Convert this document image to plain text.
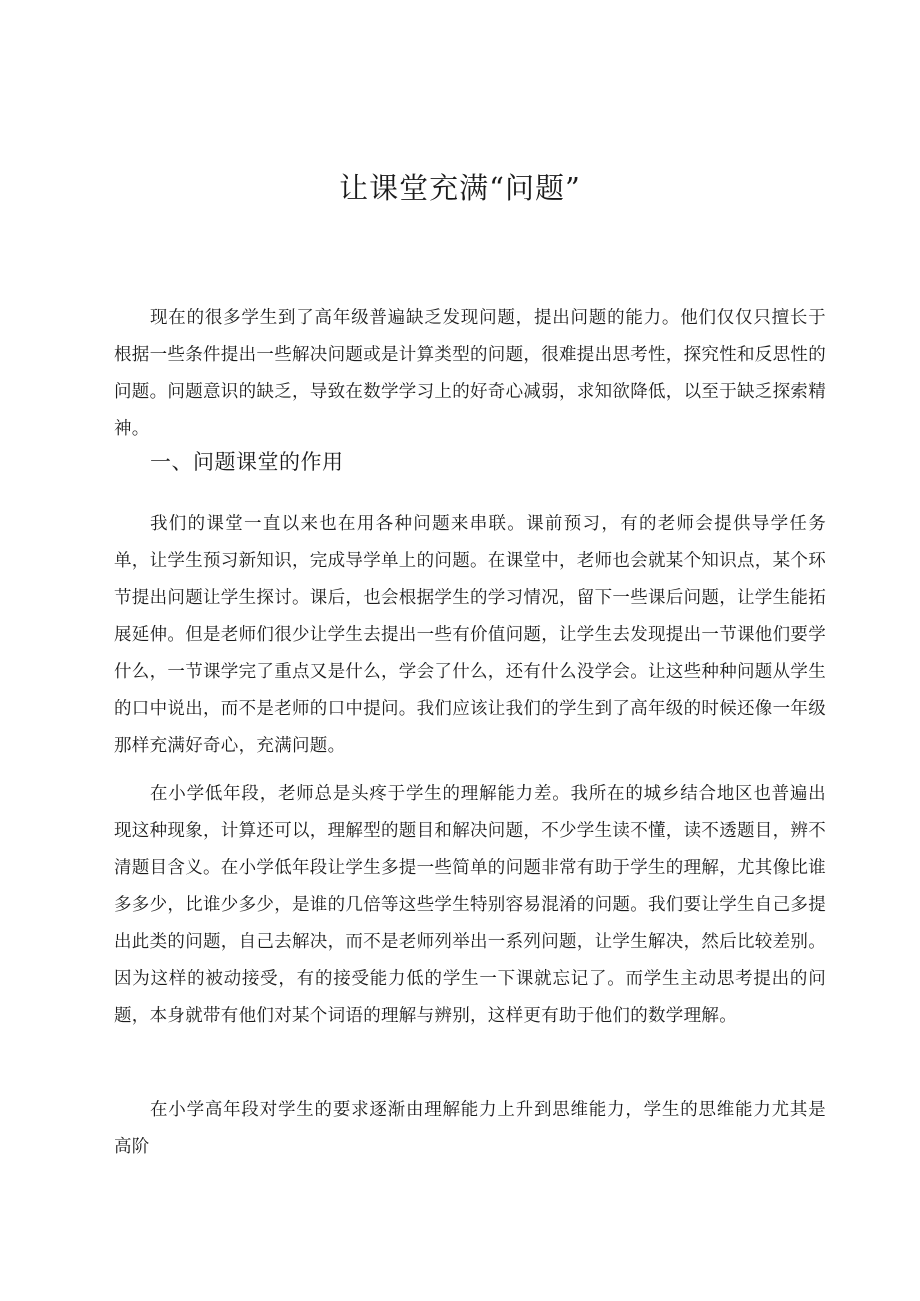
让课堂充满“问题”

现在的很多学生到了高年级普遍缺乏发现问题，提出问题的能力。他们仅仅只擅长于根据一些条件提出一些解决问题或是计算类型的问题，很难提出思考性，探究性和反思性的问题。问题意识的缺乏，导致在数学学习上的好奇心减弱，求知欲降低，以至于缺乏探索精神。

一、问题课堂的作用

我们的课堂一直以来也在用各种问题来串联。课前预习，有的老师会提供导学任务单，让学生预习新知识，完成导学单上的问题。在课堂中，老师也会就某个知识点，某个环节提出问题让学生探讨。课后，也会根据学生的学习情况，留下一些课后问题，让学生能拓展延伸。但是老师们很少让学生去提出一些有价值问题，让学生去发现提出一节课他们要学什么，一节课学完了重点又是什么，学会了什么，还有什么没学会。让这些种种问题从学生的口中说出，而不是老师的口中提问。我们应该让我们的学生到了高年级的时候还像一年级那样充满好奇心，充满问题。

在小学低年段，老师总是头疼于学生的理解能力差。我所在的城乡结合地区也普遍出现这种现象，计算还可以，理解型的题目和解决问题，不少学生读不懂，读不透题目，辨不清题目含义。在小学低年段让学生多提一些简单的问题非常有助于学生的理解，尤其像比谁多多少，比谁少多少，是谁的几倍等这些学生特别容易混淆的问题。我们要让学生自己多提出此类的问题，自己去解决，而不是老师列举出一系列问题，让学生解决，然后比较差别。因为这样的被动接受，有的接受能力低的学生一下课就忘记了。而学生主动思考提出的问题，本身就带有他们对某个词语的理解与辨别，这样更有助于他们的数学理解。

在小学高年段对学生的要求逐渐由理解能力上升到思维能力，学生的思维能力尤其是高阶
